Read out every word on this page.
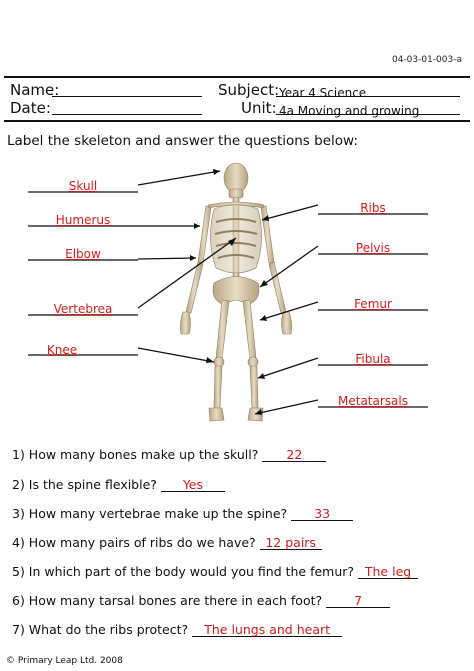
04-03-01-003-a
Name:
Date:
Subject: Year 4 Science
Unit: 4a Moving and growing
Label the skeleton and answer the questions below:
Skull
Humerus
Elbow
Vertebrea
Knee
Ribs
Pelvis
Femur
Fibula
Metatarsals
1) How many bones make up the skull? 22
2) Is the spine flexible? Yes
3) How many vertebrae make up the spine? 33
4) How many pairs of ribs do we have? 12 pairs
5) In which part of the body would you find the femur? The leg
6) How many tarsal bones are there in each foot?	7
7) What do the ribs protect? The lungs and heart
© Primary Leap Ltd. 2008
